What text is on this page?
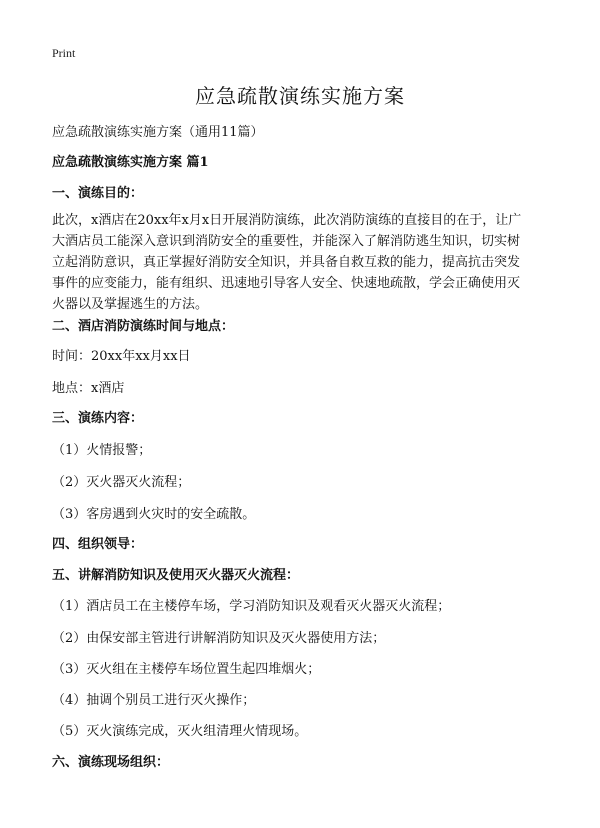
Print
应急疏散演练实施方案

应急疏散演练实施方案（通用11篇）

应急疏散演练实施方案 篇1

一、演练目的：

此次，x酒店在20xx年x月x日开展消防演练，此次消防演练的直接目的在于，让广
大酒店员工能深入意识到消防安全的重要性，并能深入了解消防逃生知识，切实树
立起消防意识，真正掌握好消防安全知识，并具备自救互救的能力，提高抗击突发
事件的应变能力，能有组织、迅速地引导客人安全、快速地疏散，学会正确使用灭
火器以及掌握逃生的方法。

二、酒店消防演练时间与地点：

时间：20xx年xx月xx日

地点：x酒店

三、演练内容：

（1）火情报警；

（2）灭火器灭火流程；

（3）客房遇到火灾时的安全疏散。

四、组织领导：

五、讲解消防知识及使用灭火器灭火流程：

（1）酒店员工在主楼停车场，学习消防知识及观看灭火器灭火流程；

（2）由保安部主管进行讲解消防知识及灭火器使用方法；

（3）灭火组在主楼停车场位置生起四堆烟火；

（4）抽调个别员工进行灭火操作；

（5）灭火演练完成，灭火组清理火情现场。

六、演练现场组织：
